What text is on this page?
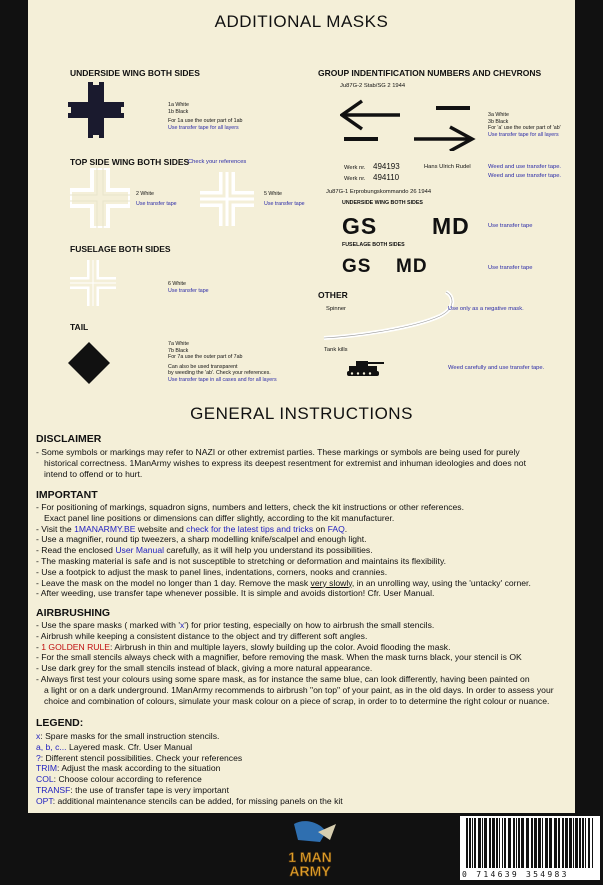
ADDITIONAL MASKS
UNDERSIDE WING BOTH SIDES
1a White
1b Black
For 1a use the outer part of 1ab
Use transfer tape for all layers
TOP SIDE WING BOTH SIDES
Check your references
2 White
Use transfer tape
5 White
Use transfer tape
FUSELAGE BOTH SIDES
6 White
Use transfer tape
TAIL
7a White
7b Black
For 7a use the outer part of 7ab
Can also be used transparent
by weeding the 'ab'. Check your references.
Use transfer tape in all cases and for all layers
GROUP INDENTIFICATION NUMBERS AND CHEVRONS
Ju87G-2 Stab/SG 2 1944
3a White
3b Black
For 'a' use the outer part of 'ab'
Use transfer tape for all layers
Werk nr. 494193	Hans Ulrich Rudel
Werk nr. 494110
Weed and use transfer tape.
Weed and use transfer tape.
Ju87G-1 Erprobungskommando 26 1944
UNDERSIDE WING BOTH SIDES
GS MD	Use transfer tape
FUSELAGE BOTH SIDES
GS MD	Use transfer tape
OTHER
Spinner	Use only as a negative mask.
Tank kills
Weed carefully and use transfer tape.
GENERAL INSTRUCTIONS
DISCLAIMER
- Some symbols or markings may refer to NAZI or other extremist parties. These markings or symbols are being used for purely
historical correctness. 1ManArmy wishes to express its deepest resentment for extremist and inhuman ideologies and does not
intend to offend or to hurt.
IMPORTANT
- For positioning of markings, squadron signs, numbers and letters, check the kit instructions or other references.
Exact panel line positions or dimensions can differ slightly, according to the kit manufacturer.
- Visit the 1MANARMY.BE website and check for the latest tips and tricks on FAQ.
- Use a magnifier, round tip tweezers, a sharp modelling knife/scalpel and enough light.
- Read the enclosed User Manual carefully, as it will help you understand its possibilities.
- The masking material is safe and is not susceptible to stretching or deformation and maintains its flexibility.
- Use a footpick to adjust the mask to panel lines, indentations, corners, nooks and crannies.
- Leave the mask on the model no longer than 1 day. Remove the mask very slowly, in an unrolling way, using the 'untacky' corner.
- After weeding, use transfer tape whenever possible. It is simple and avoids distortion! Cfr. User Manual.
AIRBRUSHING
- Use the spare masks ( marked with 'x') for prior testing, especially on how to airbrush the small stencils.
- Airbrush while keeping a consistent distance to the object and try different soft angles.
- 1 GOLDEN RULE: Airbrush in thin and multiple layers, slowly building up the color. Avoid flooding the mask.
- For the small stencils always check with a magnifier, before removing the mask. When the mask turns black, your stencil is OK
- Use dark grey for the small stencils instead of black, giving a more natural appearance.
- Always first test your colours using some spare mask, as for instance the same blue, can look differently, having been painted on
a light or on a dark underground. 1ManArmy recommends to airbrush "on top" of your paint, as in the old days. In order to assess your
choice and combination of colours, simulate your mask colour on a piece of scrap, in order to to determine the right colour or nuance.
LEGEND:
x: Spare masks for the small instruction stencils.
a, b, c... Layered mask. Cfr. User Manual
?: Different stencil possibilities. Check your references
TRIM: Adjust the mask according to the situation
COL: Choose colour according to reference
TRANSF: the use of transfer tape is very important
OPT: additional maintenance stencils can be added, for missing panels on the kit
1 MAN
ARMY	0 714639 354983
